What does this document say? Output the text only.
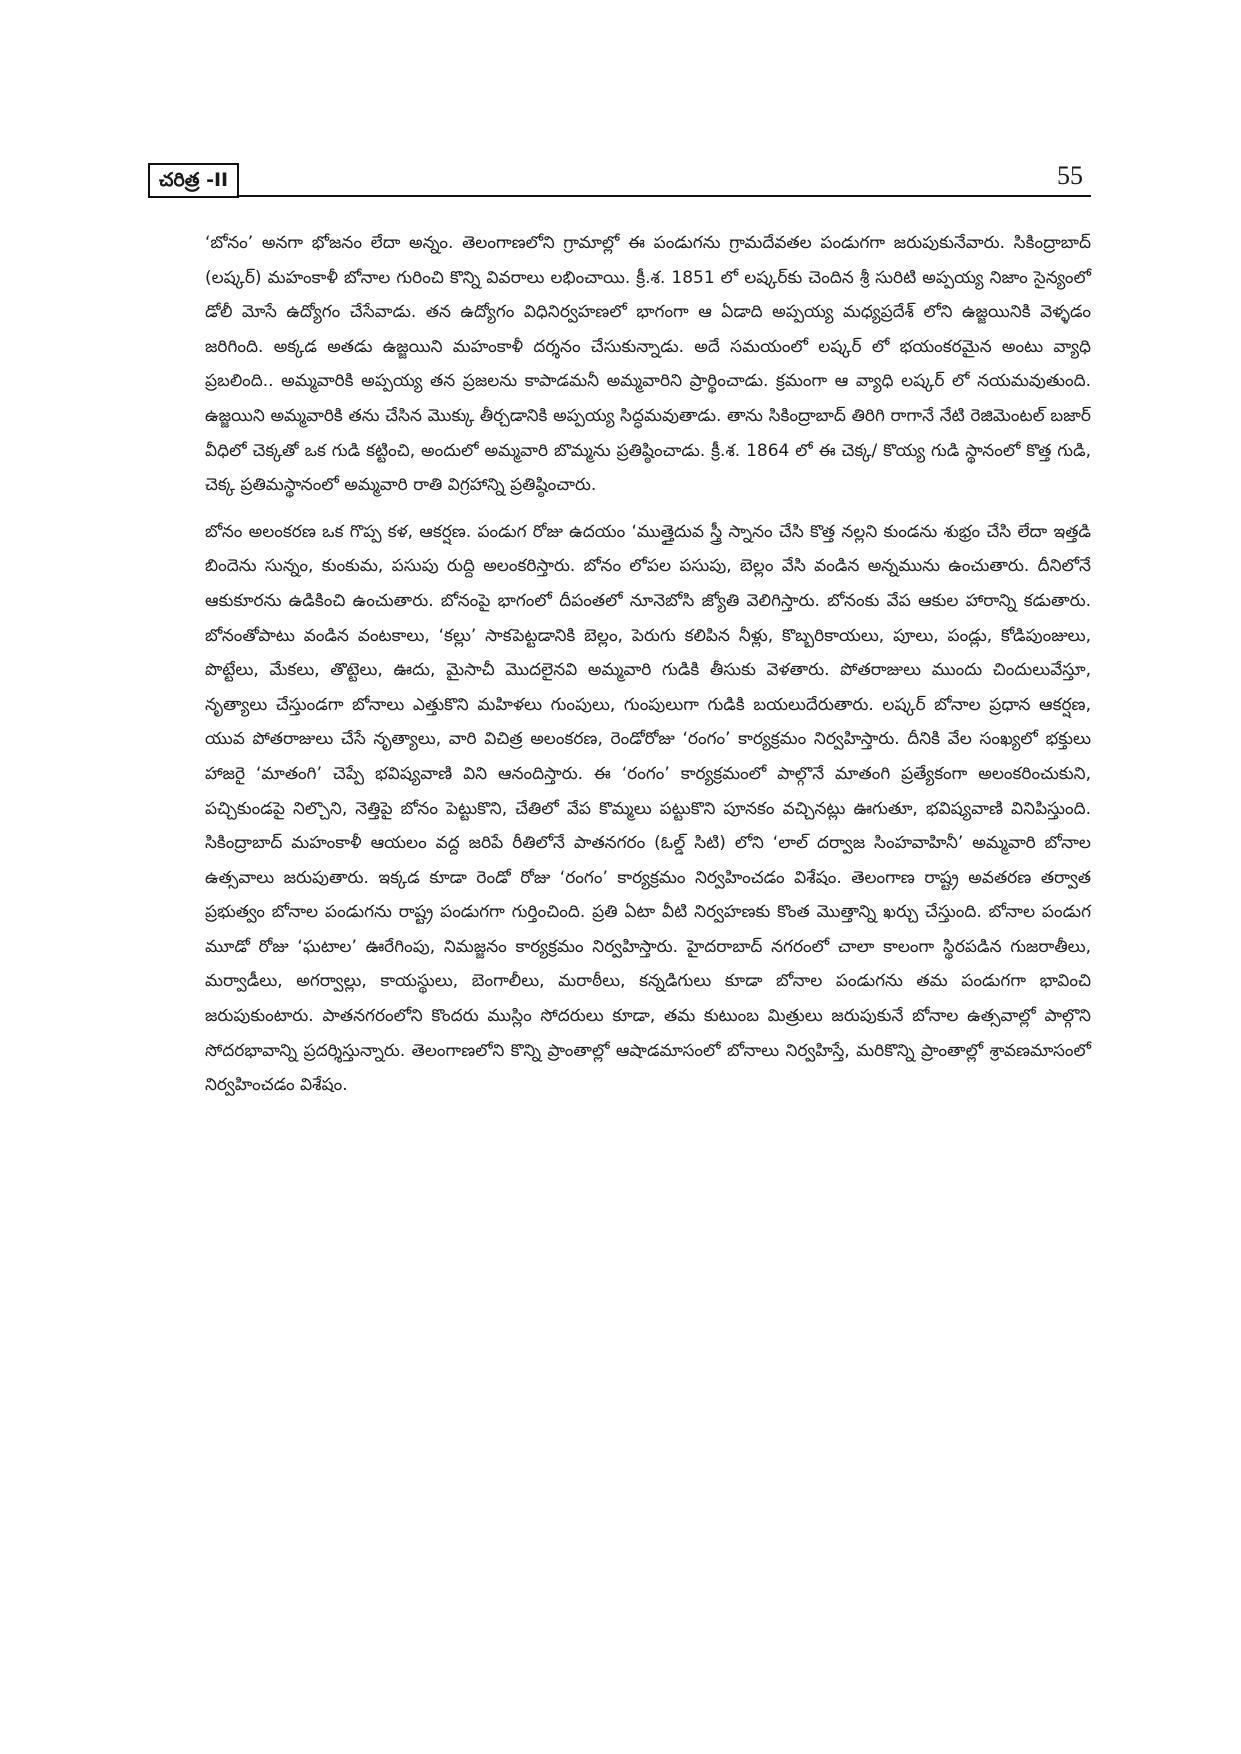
చరిత్ర -II	55

‘బోనం’ అనగా భోజనం లేదా అన్నం. తెలంగాణలోని గ్రామాల్లో ఈ పండుగను గ్రామదేవతల పండుగగా జరుపుకునేవారు. సికింద్రాబాద్ (లష్కర్) మహంకాళీ బోనాల గురించి కొన్ని వివరాలు లభించాయి. క్రీ.శ. 1851 లో లష్కర్‌కు చెందిన శ్రీ సురిటి అప్పయ్య నిజాం సైన్యంలో డోలీ మోసే ఉద్యోగం చేసేవాడు. తన ఉద్యోగం విధినిర్వహణలో భాగంగా ఆ ఏడాది అప్పయ్య మధ్యప్రదేశ్ లోని ఉజ్జయినికి వెళ్ళడం జరిగింది. అక్కడ అతడు ఉజ్జయిని మహంకాళీ దర్శనం చేసుకున్నాడు. అదే సమయంలో లష్కర్ లో భయంకరమైన అంటు వ్యాధి ప్రబలింది.. అమ్మవారికి అప్పయ్య తన ప్రజలను కాపాడమనీ అమ్మవారిని ప్రార్థించాడు. క్రమంగా ఆ వ్యాధి లష్కర్ లో నయమవుతుంది. ఉజ్జయిని అమ్మవారికి తను చేసిన మొక్కు తీర్చడానికి అప్పయ్య సిద్ధమవుతాడు. తాను సికింద్రాబాద్ తిరిగి రాగానే నేటి రెజిమెంటల్ బజార్ వీధిలో చెక్కతో ఒక గుడి కట్టించి, అందులో అమ్మవారి బొమ్మను ప్రతిష్ఠించాడు. క్రీ.శ. 1864 లో ఈ చెక్క/ కొయ్య గుడి స్థానంలో కొత్త గుడి, చెక్క ప్రతిమస్థానంలో అమ్మవారి రాతి విగ్రహాన్ని ప్రతిష్ఠించారు.

బోనం అలంకరణ ఒక గొప్ప కళ, ఆకర్షణ. పండుగ రోజు ఉదయం ‘ముత్తైదువ స్త్రీ స్నానం చేసి కొత్త నల్లని కుండను శుభ్రం చేసి లేదా ఇత్తడి బిందెను సున్నం, కుంకుమ, పసుపు రుద్ది అలంకరిస్తారు. బోనం లోపల పసుపు, బెల్లం వేసి వండిన అన్నమును ఉంచుతారు. దీనిలోనే ఆకుకూరను ఉడికించి ఉంచుతారు. బోనంపై భాగంలో దీపంతలో నూనెబోసి జ్యోతి వెలిగిస్తారు. బోనంకు వేప ఆకుల హారాన్ని కడుతారు. బోనంతోపాటు వండిన వంటకాలు, ‘కల్లు’ సాకపెట్టడానికి బెల్లం, పెరుగు కలిపిన నీళ్లు, కొబ్బరికాయలు, పూలు, పండ్లు, కోడిపుంజులు, పొట్టేలు, మేకలు, తొట్టెలు, ఊదు, మైసాచీ మొదలైనవి అమ్మవారి గుడికి తీసుకు వెళతారు. పోతరాజులు ముందు చిందులువేస్తూ, నృత్యాలు చేస్తుండగా బోనాలు ఎత్తుకొని మహిళలు గుంపులు, గుంపులుగా గుడికి బయలుదేరుతారు. లష్కర్ బోనాల ప్రధాన ఆకర్షణ, యువ పోతరాజులు చేసే నృత్యాలు, వారి విచిత్ర అలంకరణ, రెండోరోజు ‘రంగం’ కార్యక్రమం నిర్వహిస్తారు. దీనికి వేల సంఖ్యలో భక్తులు హాజరై ‘మాతంగి’ చెప్పే భవిష్యవాణి విని ఆనందిస్తారు. ఈ ‘రంగం’ కార్యక్రమంలో పాల్గొనే మాతంగి ప్రత్యేకంగా అలంకరించుకుని, పచ్చికుండపై నిల్చొని, నెత్తిపై బోనం పెట్టుకొని, చేతిలో వేప కొమ్మలు పట్టుకొని పూనకం వచ్చినట్లు ఊగుతూ, భవిష్యవాణి వినిపిస్తుంది. సికింద్రాబాద్ మహంకాళీ ఆయలం వద్ద జరిపే రీతిలోనే పాతనగరం (ఓల్డ్ సిటి) లోని ‘లాల్ దర్వాజ సింహవాహినీ’ అమ్మవారి బోనాల ఉత్సవాలు జరుపుతారు. ఇక్కడ కూడా రెండో రోజు ‘రంగం’ కార్యక్రమం నిర్వహించడం విశేషం. తెలంగాణ రాష్ట్ర అవతరణ తర్వాత ప్రభుత్వం బోనాల పండుగను రాష్ట్ర పండుగగా గుర్తించింది. ప్రతి ఏటా వీటి నిర్వహణకు కొంత మొత్తాన్ని ఖర్చు చేస్తుంది. బోనాల పండుగ మూడో రోజు ‘ఘటాల’ ఊరేగింపు, నిమజ్జనం కార్యక్రమం నిర్వహిస్తారు. హైదరాబాద్ నగరంలో చాలా కాలంగా స్థిరపడిన గుజరాతీలు, మర్వాడీలు, అగర్వాల్లు, కాయస్థులు, బెంగాలీలు, మరాఠీలు, కన్నడిగులు కూడా బోనాల పండుగను తమ పండుగగా భావించి జరుపుకుంటారు. పాతనగరంలోని కొందరు ముస్లిం సోదరులు కూడా, తమ కుటుంబ మిత్రులు జరుపుకునే బోనాల ఉత్సవాల్లో పాల్గొని సోదరభావాన్ని ప్రదర్శిస్తున్నారు. తెలంగాణలోని కొన్ని ప్రాంతాల్లో ఆషాడమాసంలో బోనాలు నిర్వహిస్తే, మరికొన్ని ప్రాంతాల్లో శ్రావణమాసంలో నిర్వహించడం విశేషం.
